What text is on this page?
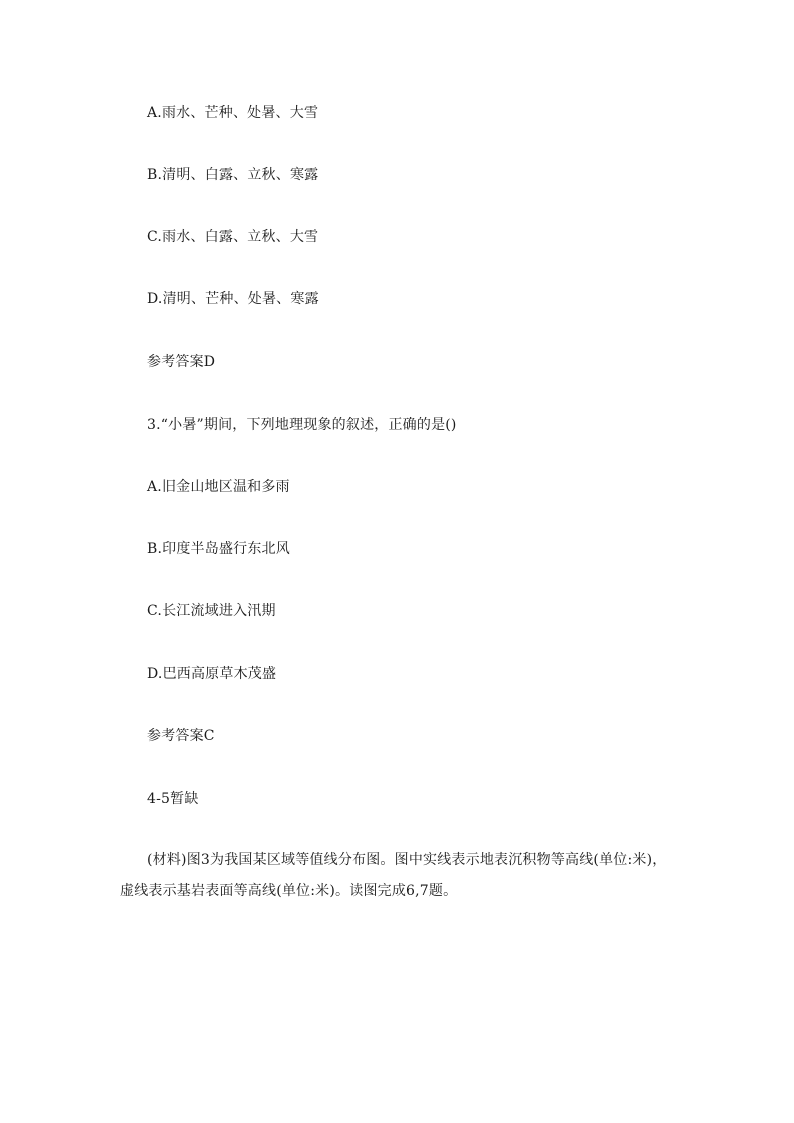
A.雨水、芒种、处暑、大雪
B.清明、白露、立秋、寒露
C.雨水、白露、立秋、大雪
D.清明、芒种、处暑、寒露
参考答案D
3.“小暑”期间，下列地理现象的叙述，正确的是()
A.旧金山地区温和多雨
B.印度半岛盛行东北风
C.长江流域进入汛期
D.巴西高原草木茂盛
参考答案C
4-5暂缺
(材料)图3为我国某区域等值线分布图。图中实线表示地表沉积物等高线(单位:米)，虚线表示基岩表面等高线(单位:米)。读图完成6,7题。
